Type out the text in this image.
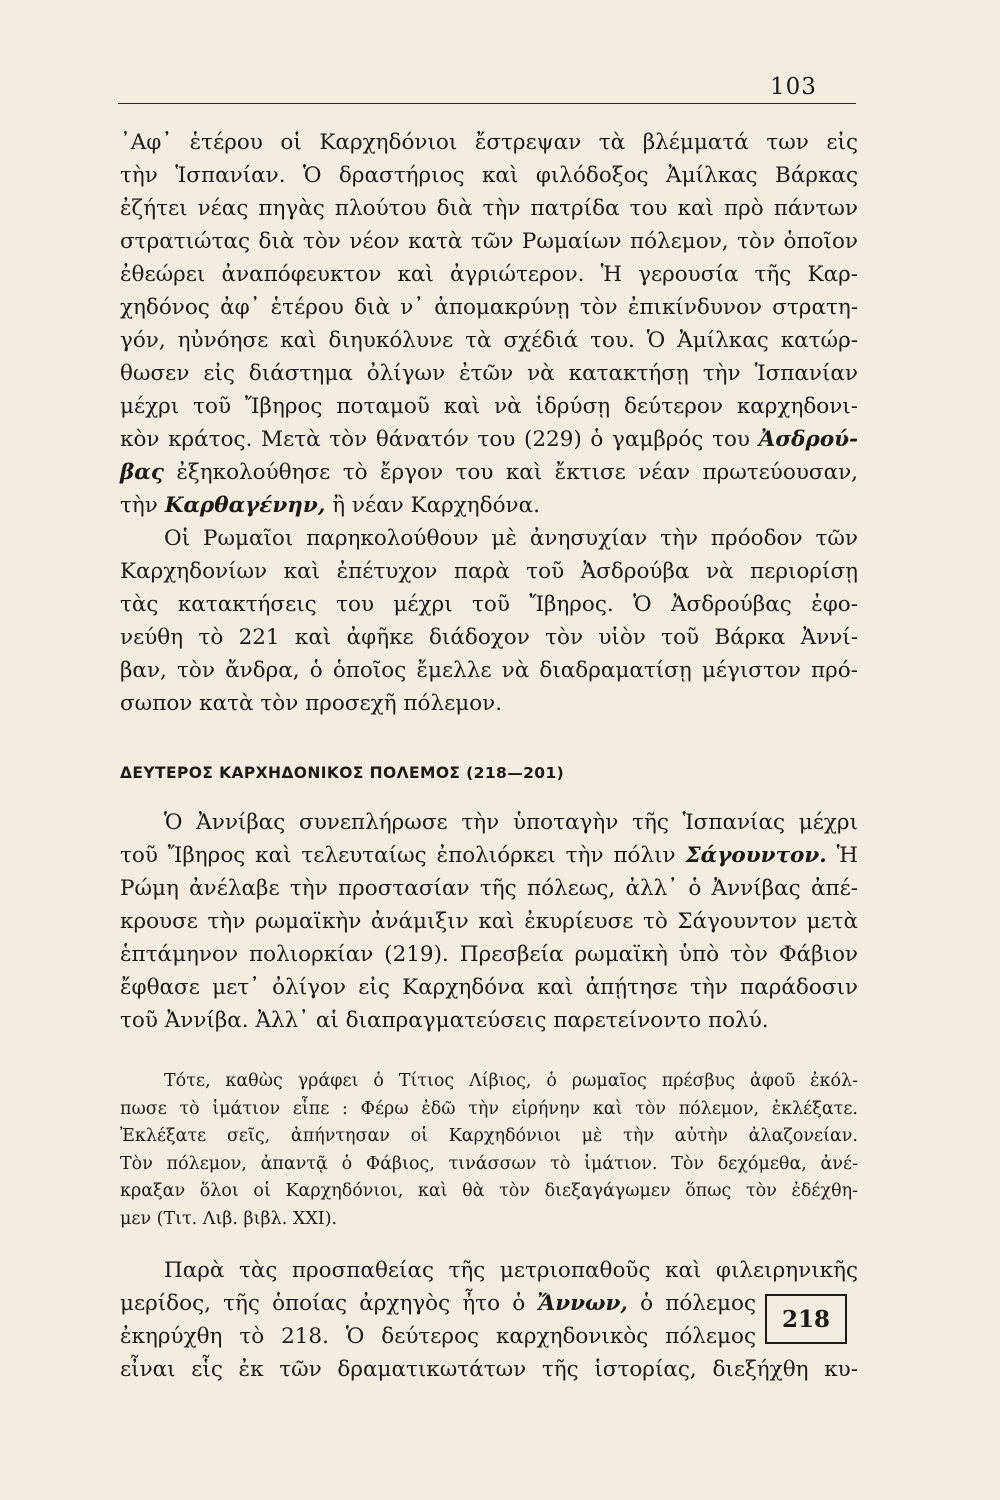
103

᾿Αφ᾿ ἑτέρου οἱ Καρχηδόνιοι ἔστρεψαν τὰ βλέμματά των εἰς
τὴν Ἱσπανίαν. Ὁ δραστήριος καὶ φιλόδοξος Ἀμίλκας Βάρκας
ἐζήτει νέας πηγὰς πλούτου διὰ τὴν πατρίδα του καὶ πρὸ πάντων
στρατιώτας διὰ τὸν νέον κατὰ τῶν Ρωμαίων πόλεμον, τὸν ὁποῖον
ἐθεώρει ἀναπόφευκτον καὶ ἀγριώτερον. Ἡ γερουσία τῆς Καρ-
χηδόνος ἀφ᾿ ἑτέρου διὰ ν᾿ ἀπομακρύνῃ τὸν ἐπικίνδυνον στρατη-
γόν, ηὐνόησε καὶ διηυκόλυνε τὰ σχέδιά του. Ὁ Ἀμίλκας κατώρ-
θωσεν εἰς διάστημα ὀλίγων ἐτῶν νὰ κατακτήσῃ τὴν Ἱσπανίαν
μέχρι τοῦ Ἴβηρος ποταμοῦ καὶ νὰ ἱδρύσῃ δεύτερον καρχηδονι-
κὸν κράτος. Μετὰ τὸν θάνατόν του (229) ὁ γαμβρός του Ἀσδρού-
βας ἐξηκολούθησε τὸ ἔργον του καὶ ἔκτισε νέαν πρωτεύουσαν,
τὴν Καρθαγένην, ἢ νέαν Καρχηδόνα.

Οἱ Ρωμαῖοι παρηκολούθουν μὲ ἀνησυχίαν τὴν πρόοδον τῶν
Καρχηδονίων καὶ ἐπέτυχον παρὰ τοῦ Ἀσδρούβα νὰ περιορίσῃ
τὰς κατακτήσεις του μέχρι τοῦ Ἴβηρος. Ὁ Ἀσδρούβας ἐφο-
νεύθη τὸ 221 καὶ ἀφῆκε διάδοχον τὸν υἱὸν τοῦ Βάρκα Ἀννί-
βαν, τὸν ἄνδρα, ὁ ὁποῖος ἔμελλε νὰ διαδραματίσῃ μέγιστον πρό-
σωπον κατὰ τὸν προσεχῆ πόλεμον.

ΔΕΥΤΕΡΟΣ ΚΑΡΧΗΔΟΝΙΚΟΣ ΠΟΛΕΜΟΣ (218—201)

Ὁ Ἀννίβας συνεπλήρωσε τὴν ὑποταγὴν τῆς Ἱσπανίας μέχρι
τοῦ Ἴβηρος καὶ τελευταίως ἐπολιόρκει τὴν πόλιν Σάγουντον. Ἡ
Ρώμη ἀνέλαβε τὴν προστασίαν τῆς πόλεως, ἀλλ᾿ ὁ Ἀννίβας ἀπέ-
κρουσε τὴν ρωμαϊκὴν ἀνάμιξιν καὶ ἐκυρίευσε τὸ Σάγουντον μετὰ
ἑπτάμηνον πολιορκίαν (219). Πρεσβεία ρωμαϊκὴ ὑπὸ τὸν Φάβιον
ἔφθασε μετ᾿ ὀλίγον εἰς Καρχηδόνα καὶ ἀπῄτησε τὴν παράδοσιν
τοῦ Ἀννίβα. Ἀλλ᾿ αἱ διαπραγματεύσεις παρετείνοντο πολύ.

Τότε, καθὼς γράφει ὁ Τίτιος Λίβιος, ὁ ρωμαῖος πρέσβυς ἀφοῦ ἐκόλ-
πωσε τὸ ἱμάτιον εἶπε : Φέρω ἐδῶ τὴν εἰρήνην καὶ τὸν πόλεμον, ἐκλέξατε.
Ἐκλέξατε σεῖς, ἀπήντησαν οἱ Καρχηδόνιοι μὲ τὴν αὐτὴν ἀλαζονείαν.
Τὸν πόλεμον, ἀπαντᾷ ὁ Φάβιος, τινάσσων τὸ ἱμάτιον. Τὸν δεχόμεθα, ἀνέ-
κραξαν ὅλοι οἱ Καρχηδόνιοι, καὶ θὰ τὸν διεξαγάγωμεν ὅπως τὸν ἐδέχθη-
μεν (Τιτ. Λιβ. βιβλ. XXI).

Παρὰ τὰς προσπαθείας τῆς μετριοπαθοῦς καὶ φιλειρηνικῆς
μερίδος, τῆς ὁποίας ἀρχηγὸς ἦτο ὁ Ἄννων, ὁ πόλεμος
ἐκηρύχθη τὸ 218. Ὁ δεύτερος καρχηδονικὸς πόλεμος
εἶναι εἷς ἐκ τῶν δραματικωτάτων τῆς ἱστορίας, διεξήχθη κυ-

218
